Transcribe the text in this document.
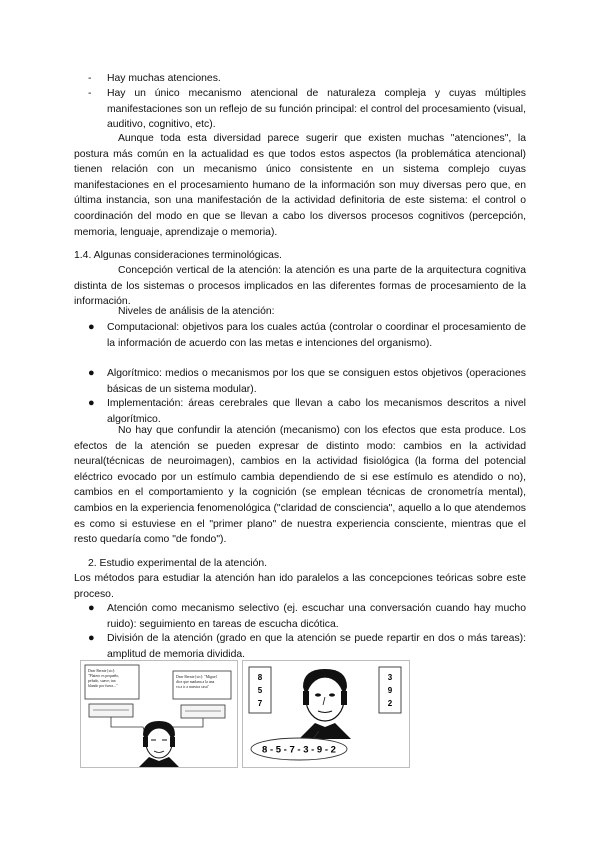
-	Hay muchas atenciones.
-	Hay un único mecanismo atencional de naturaleza compleja y cuyas múltiples manifestaciones son un reflejo de su función principal: el control del procesamiento (visual, auditivo, cognitivo, etc).

Aunque toda esta diversidad parece sugerir que existen muchas "atenciones", la postura más común en la actualidad es que todos estos aspectos (la problemática atencional) tienen relación con un mecanismo único consistente en un sistema complejo cuyas manifestaciones en el procesamiento humano de la información son muy diversas pero que, en última instancia, son una manifestación de la actividad definitoria de este sistema: el control o coordinación del modo en que se llevan a cabo los diversos procesos cognitivos (percepción, memoria, lenguaje, aprendizaje o memoria).

1.4. Algunas consideraciones terminológicas.

Concepción vertical de la atención: la atención es una parte de la arquitectura cognitiva distinta de los sistemas o procesos implicados en las diferentes formas de procesamiento de la información.

Niveles de análisis de la atención:

●	Computacional: objetivos para los cuales actúa (controlar o coordinar el procesamiento de la información de acuerdo con las metas e intenciones del organismo).
●	Algorítmico: medios o mecanismos por los que se consiguen estos objetivos (operaciones básicas de un sistema modular).
●	Implementación: áreas cerebrales que llevan a cabo los mecanismos descritos a nivel algorítmico.

No hay que confundir la atención (mecanismo) con los efectos que esta produce. Los efectos de la atención se pueden expresar de distinto modo: cambios en la actividad neural(técnicas de neuroimagen), cambios en la actividad fisiológica (la forma del potencial eléctrico evocado por un estímulo cambia dependiendo de si ese estímulo es atendido o no), cambios en el comportamiento y la cognición (se emplean técnicas de cronometría mental), cambios en la experiencia fenomenológica ("claridad de consciencia", aquello a lo que atendemos es como si estuviese en el "primer plano" de nuestra experiencia consciente, mientras que el resto quedaría como "de fondo").

2. Estudio experimental de la atención.

Los métodos para estudiar la atención han ido paralelos a las concepciones teóricas sobre este proceso.

●	Atención como mecanismo selectivo (ej. escuchar una conversación cuando hay mucho ruido): seguimiento en tareas de escucha dicótica.
●	División de la atención (grado en que la atención se puede repartir en dos o más tareas): amplitud de memoria dividida.
Dear Bernie [sic]: "Platero es pequeño, peludo, suave; tan blando por fuera..."
Dear Bernie [sic]: "Miguel dice que mañana a la una va a ir a nuestra casa"
8
5
7
3
9
2
8 - 5 - 7 - 3 - 9 - 2
